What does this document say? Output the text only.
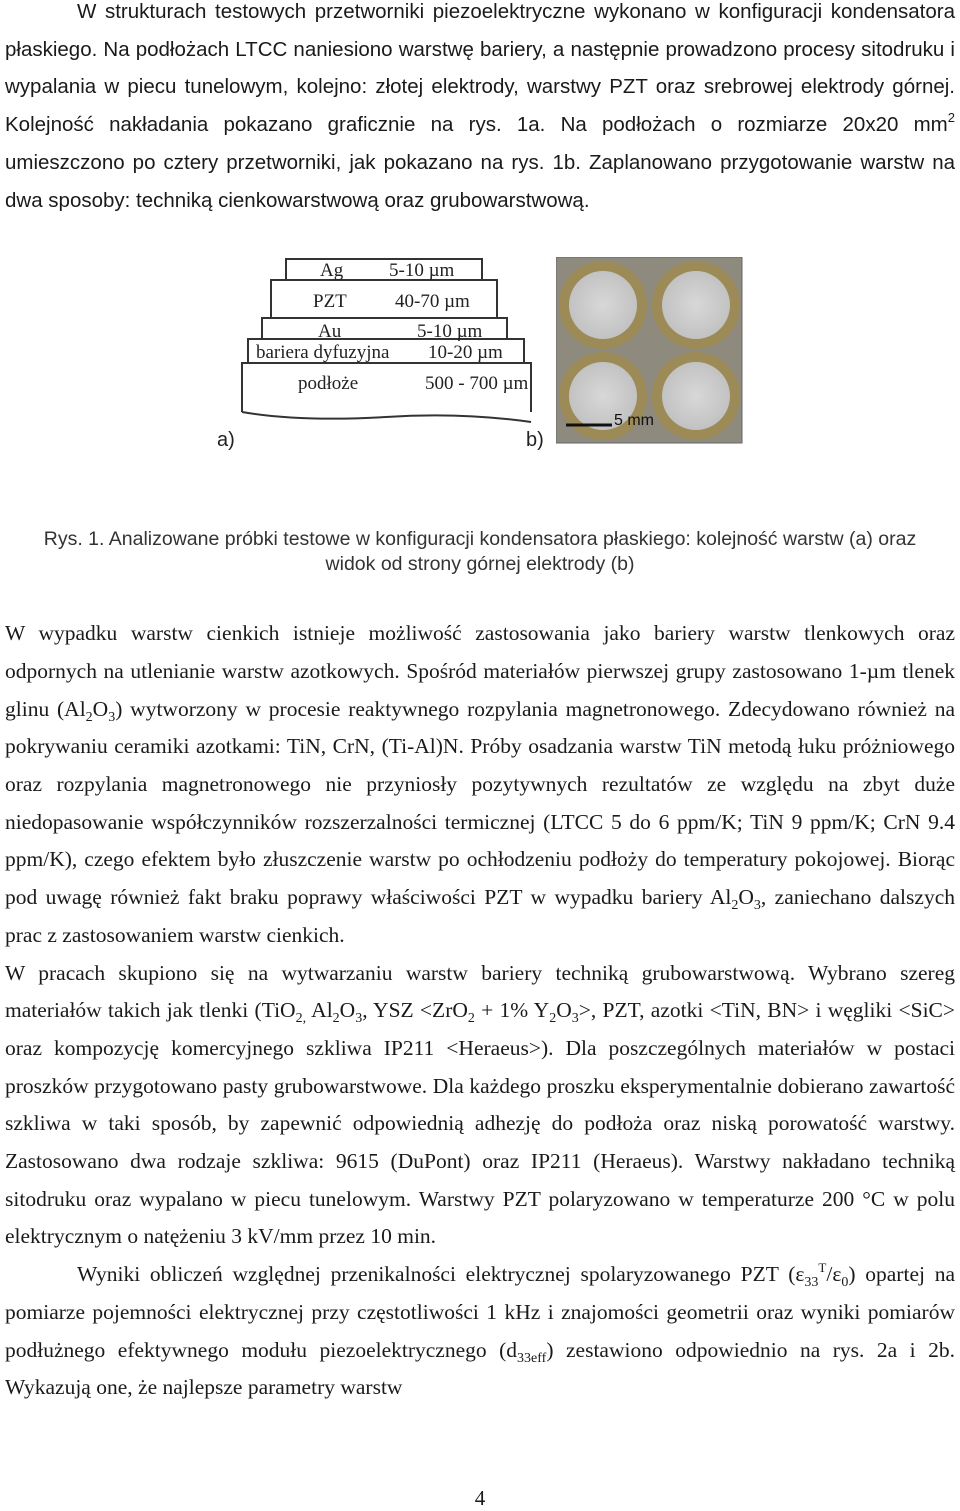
W strukturach testowych przetworniki piezoelektryczne wykonano w konfiguracji kondensatora płaskiego. Na podłożach LTCC naniesiono warstwę bariery, a następnie prowadzono procesy sitodruku i wypalania w piecu tunelowym, kolejno: złotej elektrody, warstwy PZT oraz srebrowej elektrody górnej. Kolejność nakładania pokazano graficznie na rys. 1a. Na podłożach o rozmiarze 20x20 $mm^2$ umieszczono po cztery przetworniki, jak pokazano na rys. 1b. Zaplanowano przygotowanie warstw na dwa sposoby: techniką cienkowarstwową oraz grubowarstwową.

Ag 5-10 µm
PZT	40-70 µm
Au	5-10 µm
bariera dyfuzyjna 10-20 µm
podłoże	500 - 700 µm
a)	b)
5 mm
Rys. 1. Analizowane próbki testowe w konfiguracji kondensatora płaskiego: kolejność warstw (a) oraz
widok od strony górnej elektrody (b)

W wypadku warstw cienkich istnieje możliwość zastosowania jako bariery warstw tlenkowych oraz odpornych na utlenianie warstw azotkowych. Spośród materiałów pierwszej grupy zastosowano 1-µm tlenek glinu $(Al_2O_3)$ wytworzony w procesie reaktywnego rozpylania magnetronowego. Zdecydowano również na pokrywaniu ceramiki azotkami: TiN, CrN, (Ti-Al)N. Próby osadzania warstw TiN metodą łuku próżniowego oraz rozpylania magnetronowego nie przyniosły pozytywnych rezultatów ze względu na zbyt duże niedopasowanie współczynników rozszerzalności termicznej (LTCC 5 do 6 ppm/K; TiN 9 ppm/K; CrN 9.4 ppm/K), czego efektem było złuszczenie warstw po ochłodzeniu podłoży do temperatury pokojowej. Biorąc pod uwagę również fakt braku poprawy właściwości PZT w wypadku bariery $Al_2O_3$, zaniechano dalszych prac z zastosowaniem warstw cienkich.

W pracach skupiono się na wytwarzaniu warstw bariery techniką grubowarstwową. Wybrano szereg materiałów takich jak tlenki (TiO$_{2,}$ $Al_2O_3$, YSZ <ZrO$_2$ + 1% $Y_2O_3>$, PZT, azotki <TiN, BN> i węgliki <SiC> oraz kompozycję komercyjnego szkliwa IP211 <Heraeus>). Dla poszczególnych materiałów w postaci proszków przygotowano pasty grubowarstwowe. Dla każdego proszku eksperymentalnie dobierano zawartość szkliwa w taki sposób, by zapewnić odpowiednią adhezję do podłoża oraz niską porowatość warstwy. Zastosowano dwa rodzaje szkliwa: 9615 (DuPont) oraz IP211 (Heraeus). Warstwy nakładano techniką sitodruku oraz wypalano w piecu tunelowym. Warstwy PZT polaryzowano w temperaturze 200 °C w polu elektrycznym o natężeniu 3 kV/mm przez 10 min.

Wyniki obliczeń względnej przenikalności elektrycznej spolaryzowanego PZT $(\varepsilon_{33}^T/\varepsilon_0)$ opartej na pomiarze pojemności elektrycznej przy częstotliwości 1 kHz i znajomości geometrii oraz wyniki pomiarów podłużnego efektywnego modułu piezoelektrycznego $(d_{33eff})$ zestawiono odpowiednio na rys. 2a i 2b. Wykazują one, że najlepsze parametry warstw

4
